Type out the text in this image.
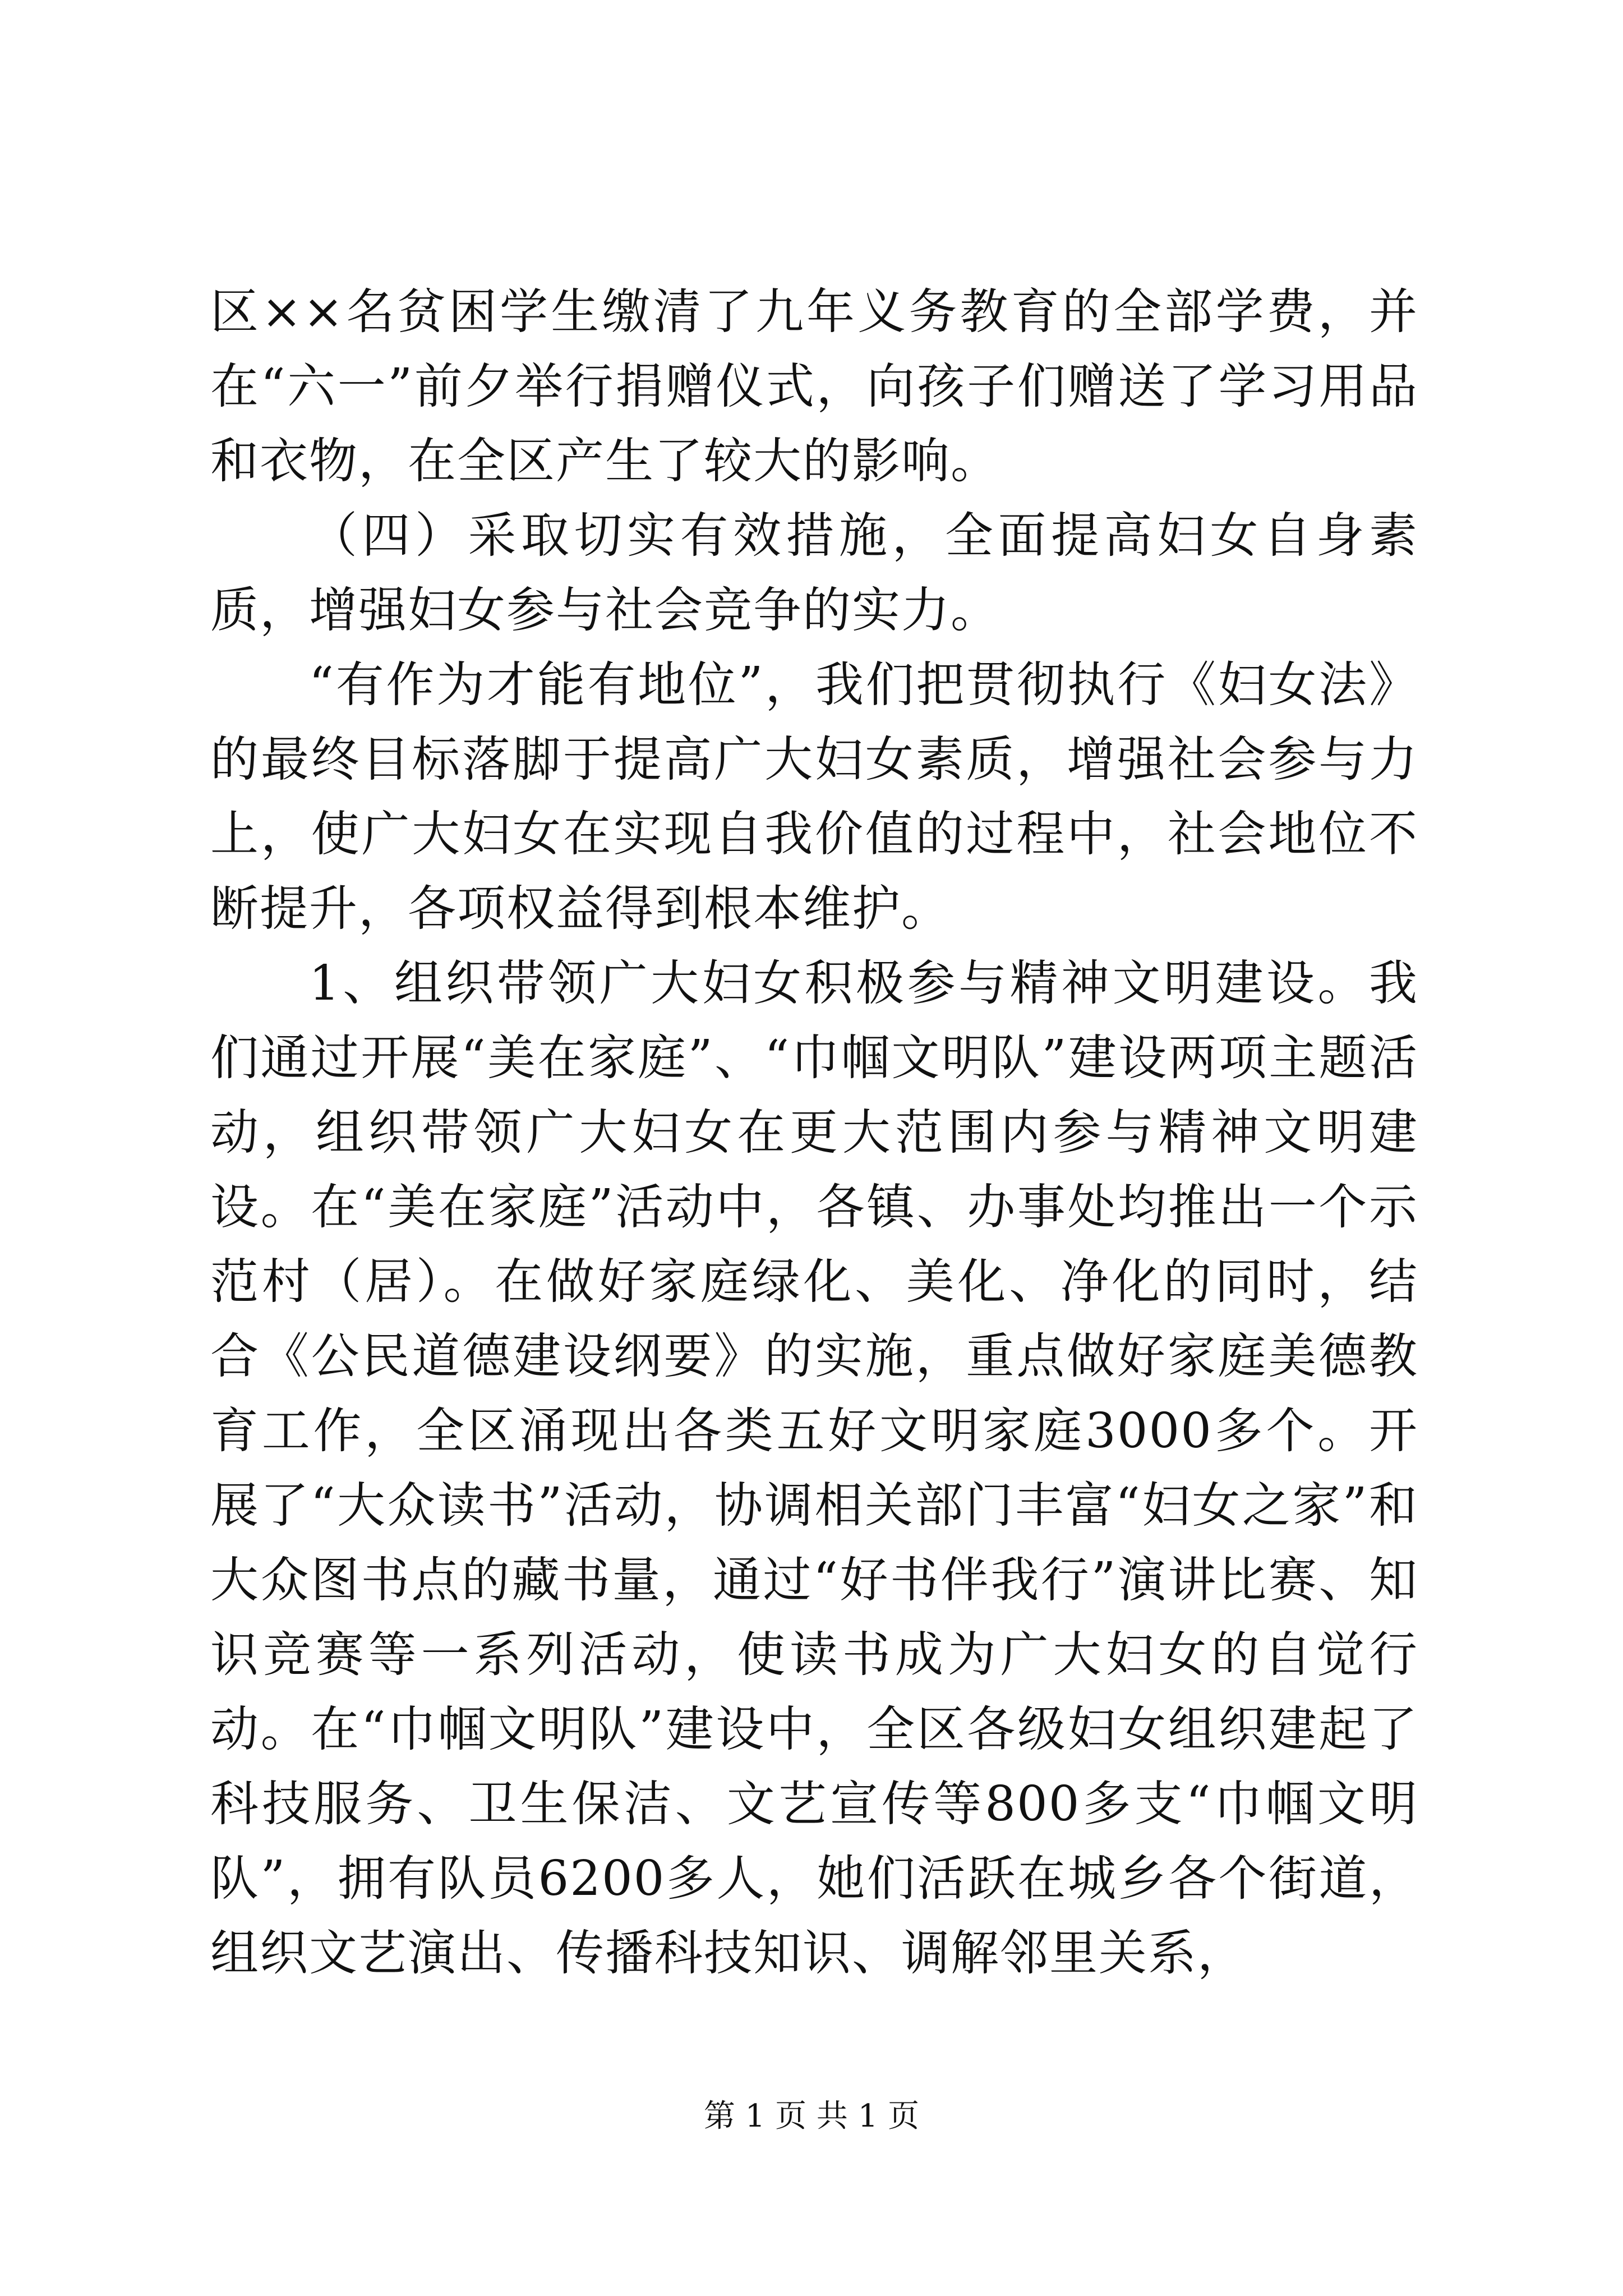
区××名贫困学生缴清了九年义务教育的全部学费，并在“六一”前夕举行捐赠仪式，向孩子们赠送了学习用品和衣物，在全区产生了较大的影响。

（四）采取切实有效措施，全面提高妇女自身素质，增强妇女参与社会竞争的实力。

“有作为才能有地位”，我们把贯彻执行《妇女法》的最终目标落脚于提高广大妇女素质，增强社会参与力上，使广大妇女在实现自我价值的过程中，社会地位不断提升，各项权益得到根本维护。

1、组织带领广大妇女积极参与精神文明建设。我们通过开展“美在家庭”、“巾帼文明队”建设两项主题活动，组织带领广大妇女在更大范围内参与精神文明建设。在“美在家庭”活动中，各镇、办事处均推出一个示范村（居）。在做好家庭绿化、美化、净化的同时，结合《公民道德建设纲要》的实施，重点做好家庭美德教育工作，全区涌现出各类五好文明家庭3000多个。开展了“大众读书”活动，协调相关部门丰富“妇女之家”和大众图书点的藏书量，通过“好书伴我行”演讲比赛、知识竞赛等一系列活动，使读书成为广大妇女的自觉行动。在“巾帼文明队”建设中，全区各级妇女组织建起了科技服务、卫生保洁、文艺宣传等800多支“巾帼文明队”，拥有队员6200多人，她们活跃在城乡各个街道，组织文艺演出、传播科技知识、调解邻里关系，

第 1 页 共 1 页
